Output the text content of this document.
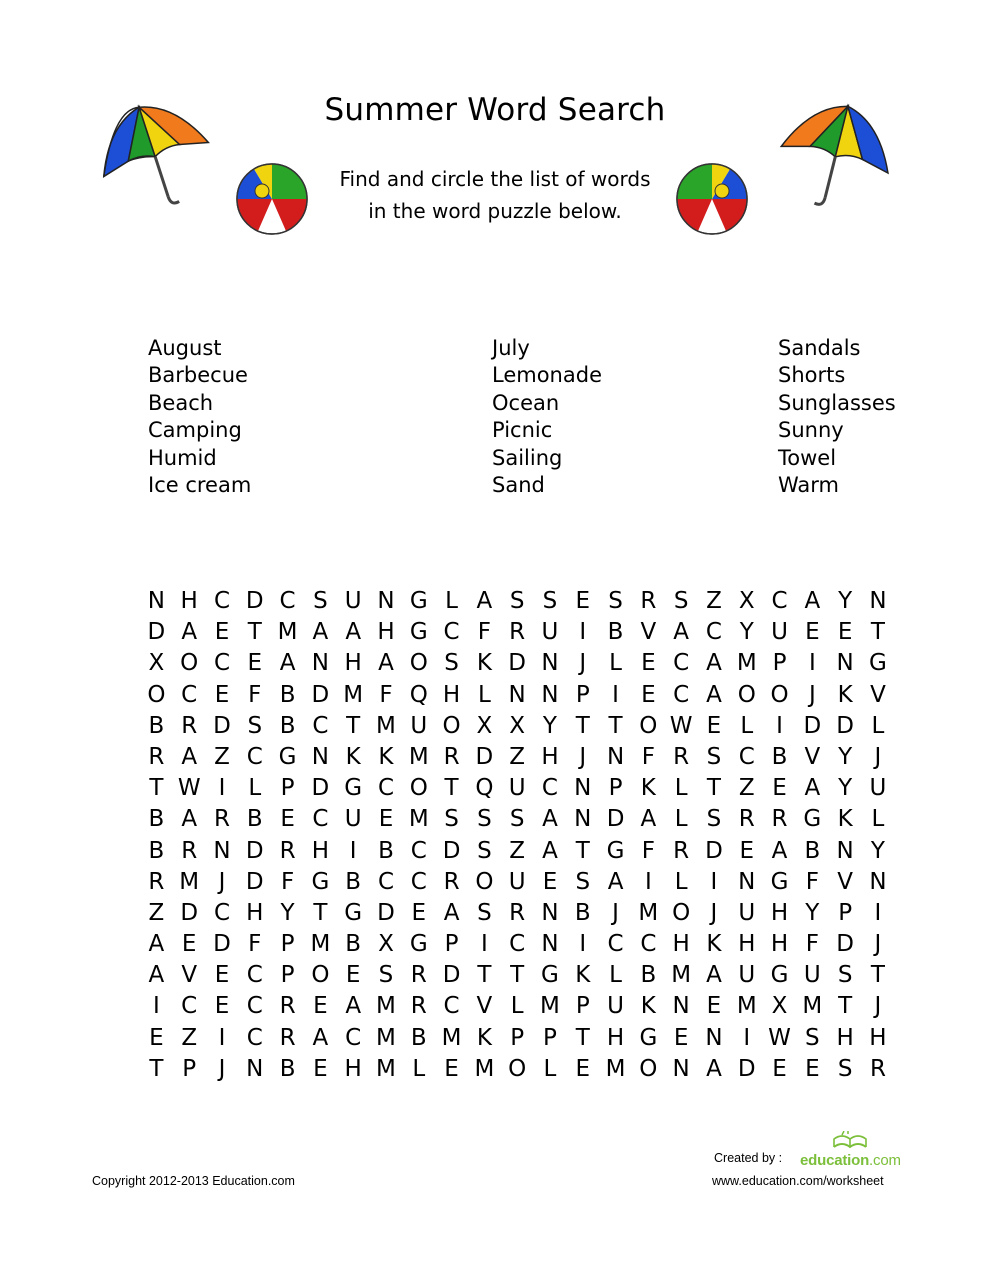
Summer Word Search
Find and circle the list of words
in the word puzzle below.
August
Barbecue
Beach
Camping
Humid
Ice cream
July
Lemonade
Ocean
Picnic
Sailing
Sand
Sandals
Shorts
Sunglasses
Sunny
Towel
Warm
N H C D C S U N G L A S S E S R S Z X C A Y N
D A E T M A A H G C F R U I B V A C Y U E E T
X O C E A N H A O S K D N J L E C A M P I N G
O C E F B D M F Q H L N N P I E C A O O J K V
B R D S B C T M U O X X Y T T O W E L I D D L
R A Z C G N K K M R D Z H J N F R S C B V Y J
T W I L P D G C O T Q U C N P K L T Z E A Y U
B A R B E C U E M S S S A N D A L S R R G K L
B R N D R H I B C D S Z A T G F R D E A B N Y
R M J D F G B C C R O U E S A I L I N G F V N
Z D C H Y T G D E A S R N B J M O J U H Y P I
A E D F P M B X G P I C N I C C H K H H F D J
A V E C P O E S R D T T G K L B M A U G U S T
I C E C R E A M R C V L M P U K N E M X M T J
E Z I C R A C M B M K P P T H G E N I W S H H
T P J N B E H M L E M O L E M O N A D E E S R
Copyright 2012-2013 Education.com
Created by : education.com
www.education.com/worksheet
